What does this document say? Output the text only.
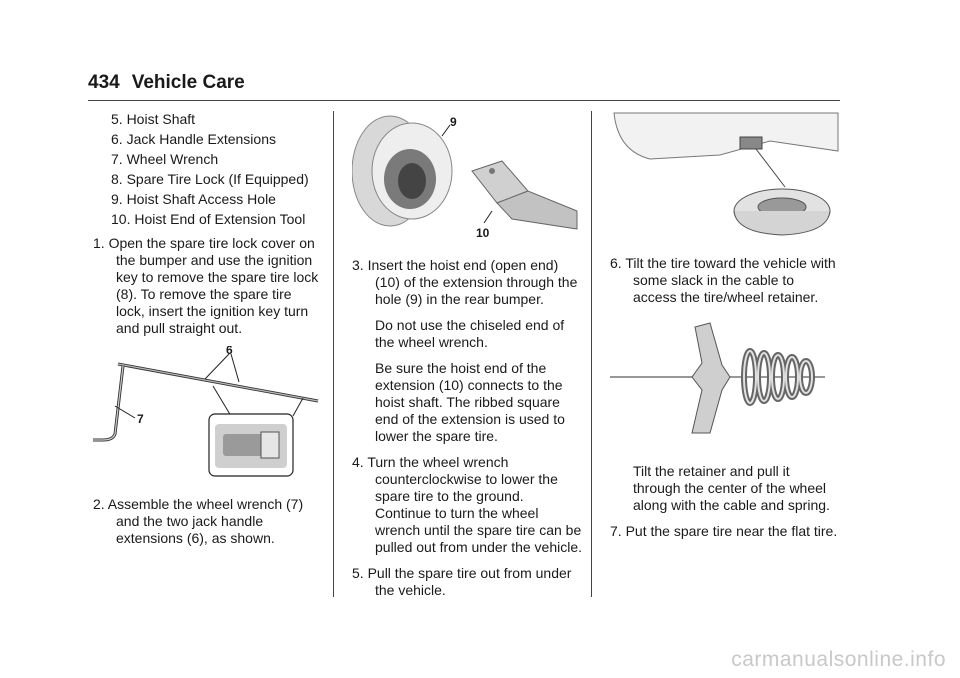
434 Vehicle Care
5. Hoist Shaft
6. Jack Handle Extensions
7. Wheel Wrench
8. Spare Tire Lock (If Equipped)
9. Hoist Shaft Access Hole
10. Hoist End of Extension Tool

1. Open the spare tire lock cover on the bumper and use the ignition key to remove the spare tire lock (8). To remove the spare tire lock, insert the ignition key turn and pull straight out.

6
7

2. Assemble the wheel wrench (7) and the two jack handle extensions (6), as shown.

9
10

3. Insert the hoist end (open end) (10) of the extension through the hole (9) in the rear bumper.

Do not use the chiseled end of the wheel wrench.

Be sure the hoist end of the extension (10) connects to the hoist shaft. The ribbed square end of the extension is used to lower the spare tire.

4. Turn the wheel wrench counterclockwise to lower the spare tire to the ground. Continue to turn the wheel wrench until the spare tire can be pulled out from under the vehicle.

5. Pull the spare tire out from under the vehicle.

6. Tilt the tire toward the vehicle with some slack in the cable to access the tire/wheel retainer.

Tilt the retainer and pull it through the center of the wheel along with the cable and spring.

7. Put the spare tire near the flat tire.

carmanualsonline.info
